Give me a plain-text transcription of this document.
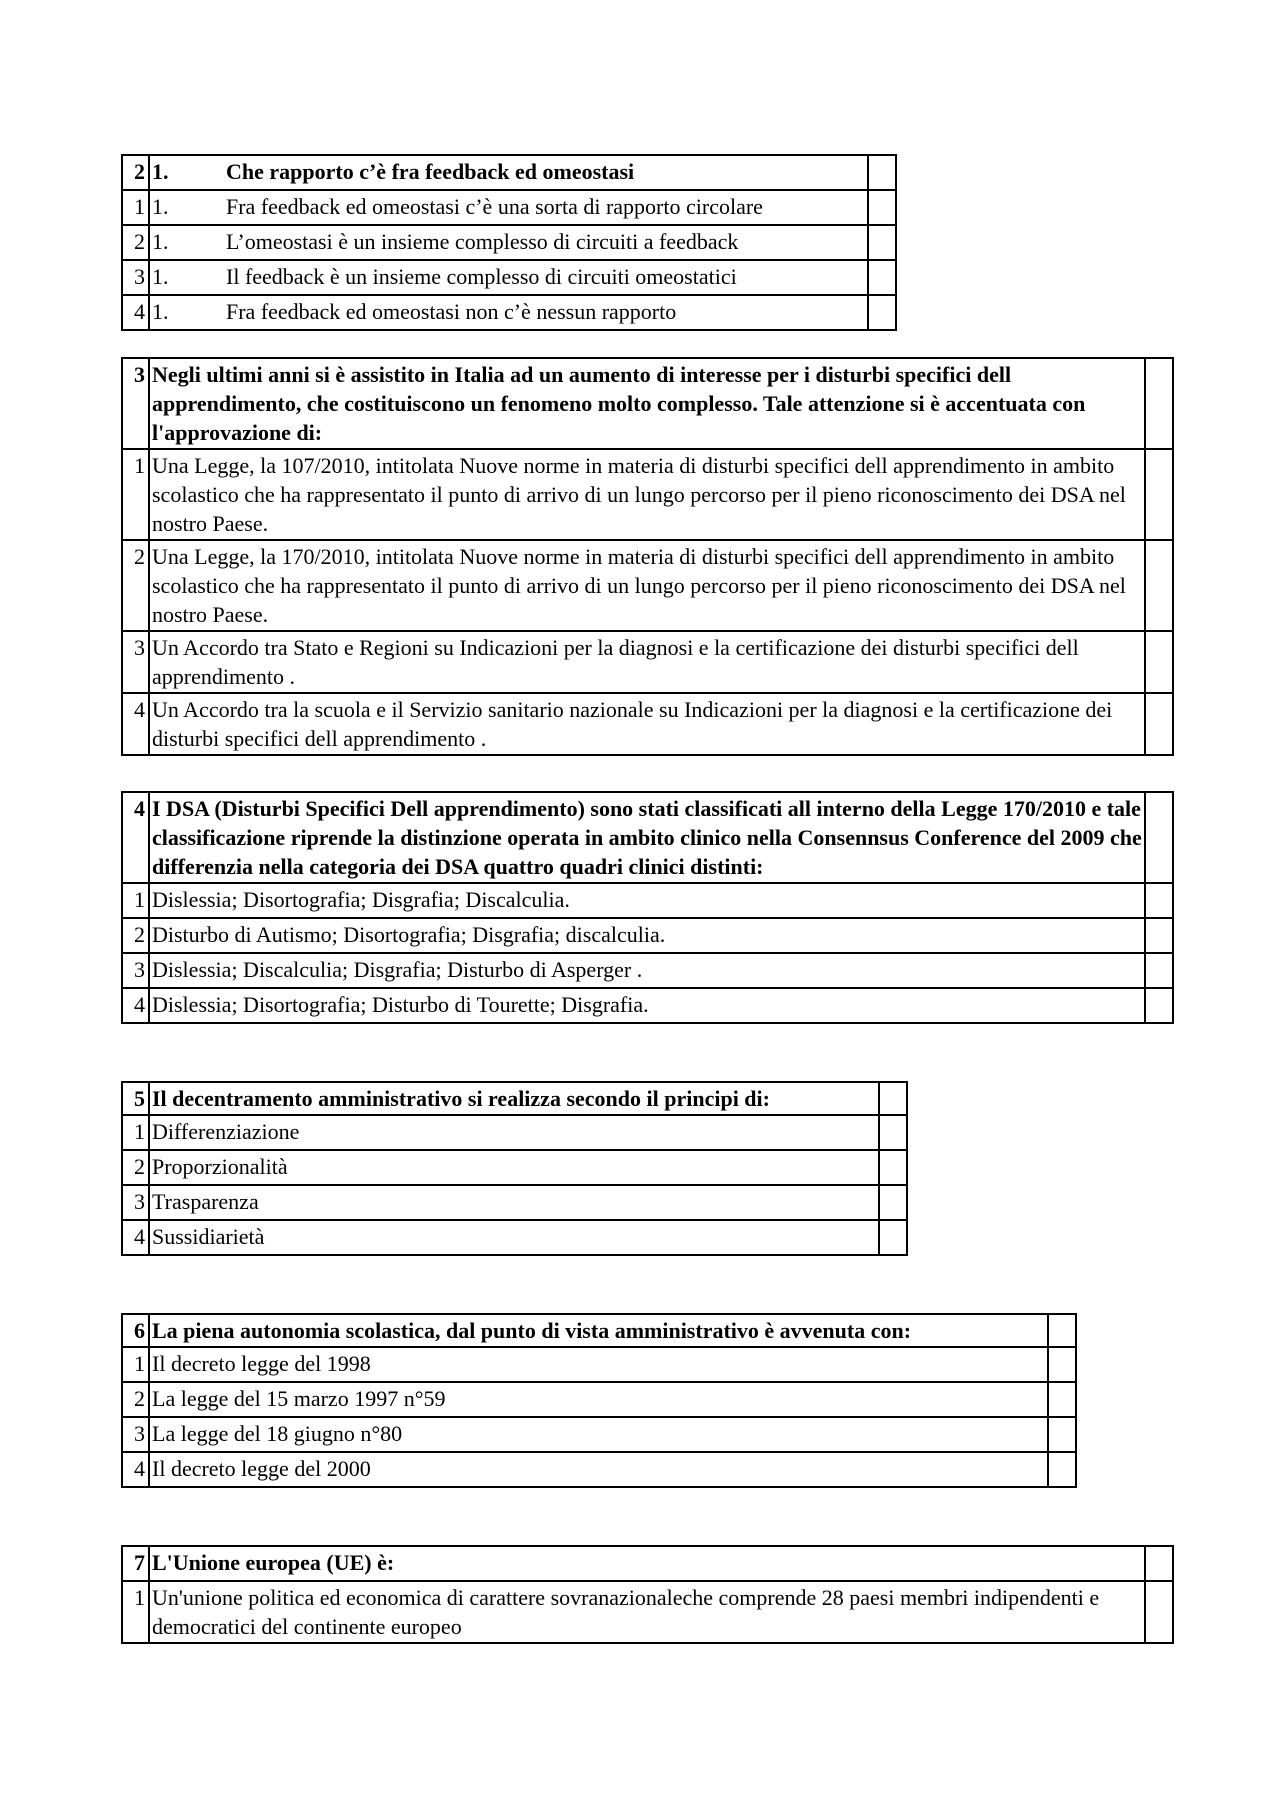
2	1.	Che rapporto c’è fra feedback ed omeostasi	
1	1.	Fra feedback ed omeostasi c’è una sorta di rapporto circolare	
2	1.	L’omeostasi è un insieme complesso di circuiti a feedback	
3	1.	Il feedback è un insieme complesso di circuiti omeostatici	
4	1.	Fra feedback ed omeostasi non c’è nessun rapporto	
3	Negli ultimi anni si è assistito in Italia ad un aumento di interesse per i disturbi specifici dell apprendimento, che costituiscono un fenomeno molto complesso. Tale attenzione si è accentuata con l'approvazione di:	
1	Una Legge, la 107/2010, intitolata Nuove norme in materia di disturbi specifici dell apprendimento in ambito scolastico che ha rappresentato il punto di arrivo di un lungo percorso per il pieno riconoscimento dei DSA nel nostro Paese.	
2	Una Legge, la 170/2010, intitolata Nuove norme in materia di disturbi specifici dell apprendimento in ambito scolastico che ha rappresentato il punto di arrivo di un lungo percorso per il pieno riconoscimento dei DSA nel nostro Paese.	
3	Un Accordo tra Stato e Regioni su Indicazioni per la diagnosi e la certificazione dei disturbi specifici dell apprendimento .	
4	Un Accordo tra la scuola e il Servizio sanitario nazionale su Indicazioni per la diagnosi e la certificazione dei disturbi specifici dell apprendimento .	
4	I DSA (Disturbi Specifici Dell apprendimento) sono stati classificati all interno della Legge 170/2010 e tale classificazione riprende la distinzione operata in ambito clinico nella Consennsus Conference del 2009 che differenzia nella categoria dei DSA quattro quadri clinici distinti:	
1	Dislessia; Disortografia; Disgrafia; Discalculia.	
2	Disturbo di Autismo; Disortografia; Disgrafia; discalculia.	
3	Dislessia; Discalculia; Disgrafia; Disturbo di Asperger .	
4	Dislessia; Disortografia; Disturbo di Tourette; Disgrafia.	
5	Il decentramento amministrativo si realizza secondo il principi di:	
1	Differenziazione	
2	Proporzionalità	
3	Trasparenza	
4	Sussidiarietà	
6	La piena autonomia scolastica, dal punto di vista amministrativo è avvenuta con:	
1	Il decreto legge del 1998	
2	La legge del 15 marzo 1997 n°59	
3	La legge del 18 giugno n°80	
4	Il decreto legge del 2000	
7	L'Unione europea (UE) è:	
1	Un'unione politica ed economica di carattere sovranazionaleche comprende 28 paesi membri indipendenti e democratici del continente europeo	
